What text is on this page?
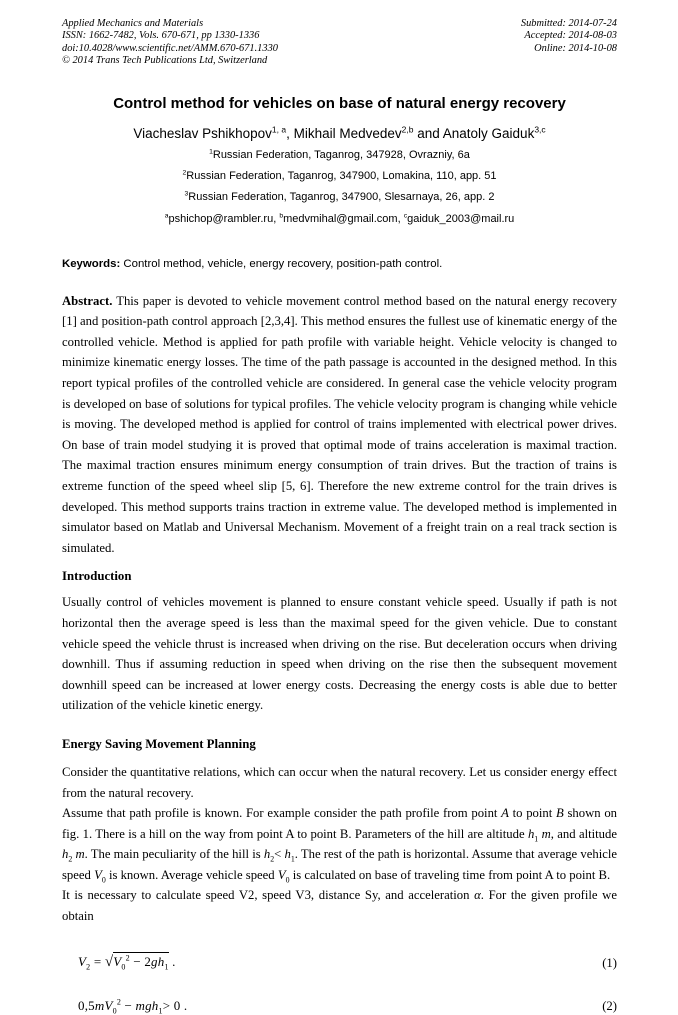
Applied Mechanics and Materials
ISSN: 1662-7482, Vols. 670-671, pp 1330-1336
doi:10.4028/www.scientific.net/AMM.670-671.1330
© 2014 Trans Tech Publications Ltd, Switzerland
Submitted: 2014-07-24
Accepted: 2014-08-03
Online: 2014-10-08
Control method for vehicles on base of natural energy recovery
Viacheslav Pshikhopov$^{1, a}$, Mikhail Medvedev$^{2,b}$ and Anatoly Gaiduk$^{3,c}$
$^1$Russian Federation, Taganrog, 347928, Ovrazniy, 6a
$^2$Russian Federation, Taganrog, 347900, Lomakina, 110, app. 51
$^3$Russian Federation, Taganrog, 347900, Slesarnaya, 26, app. 2
$^a$pshichop@rambler.ru, $^b$medvmihal@gmail.com, $^c$gaiduk_2003@mail.ru

Keywords: Control method, vehicle, energy recovery, position-path control.

Abstract. This paper is devoted to vehicle movement control method based on the natural energy recovery [1] and position-path control approach [2,3,4]. This method ensures the fullest use of kinematic energy of the controlled vehicle. Method is applied for path profile with variable height. Vehicle velocity is changed to minimize kinematic energy losses. The time of the path passage is accounted in the designed method. In this report typical profiles of the controlled vehicle are considered. In general case the vehicle velocity program is developed on base of solutions for typical profiles. The vehicle velocity program is changing while vehicle is moving. The developed method is applied for control of trains implemented with electrical power drives. On base of train model studying it is proved that optimal mode of trains acceleration is maximal traction. The maximal traction ensures minimum energy consumption of train drives. But the traction of trains is extreme function of the speed wheel slip [5, 6]. Therefore the new extreme control for the train drives is developed. This method supports trains traction in extreme value. The developed method is implemented in simulator based on Matlab and Universal Mechanism. Movement of a freight train on a real track section is simulated.

Introduction

Usually control of vehicles movement is planned to ensure constant vehicle speed. Usually if path is not horizontal then the average speed is less than the maximal speed for the given vehicle. Due to constant vehicle speed the vehicle thrust is increased when driving on the rise. But deceleration occurs when driving downhill. Thus if assuming reduction in speed when driving on the rise then the subsequent movement downhill speed can be increased at lower energy costs. Decreasing the energy costs is able due to better utilization of the vehicle kinetic energy.

Energy Saving Movement Planning

Consider the quantitative relations, which can occur when the natural recovery. Let us consider energy effect from the natural recovery.

Assume that path profile is known. For example consider the path profile from point A to point B shown on fig. 1. There is a hill on the way from point A to point B. Parameters of the hill are altitude $h_1$ m, and altitude $h_2$ m. The main peculiarity of the hill is $h_2< h_1$. The rest of the path is horizontal. Assume that average vehicle speed $V_0$ is known. Average vehicle speed $V_0$ is calculated on base of traveling time from point A to point B.

It is necessary to calculate speed V2, speed V3, distance Sy, and acceleration α. For the given profile we obtain

$V_2 = √V_0^2 - 2gh_1$ .	(1)
$0,5mV_0^2 - mgh_1> 0$ .	(2)
